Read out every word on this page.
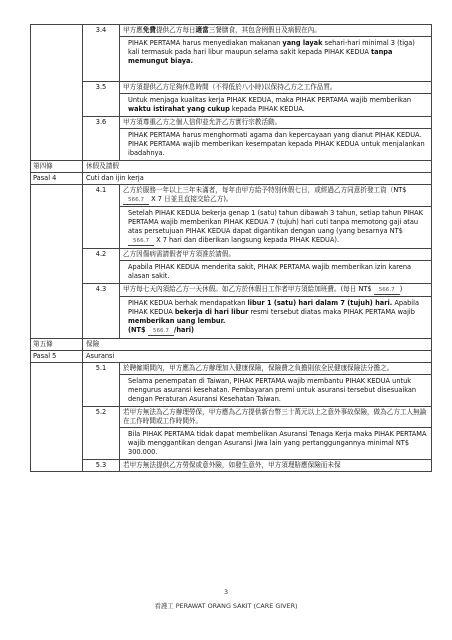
3.4	甲方應免費提供乙方每日適當三餐膳食，其包含例假日及病假在內。
PIHAK PERTAMA harus menyediakan makanan yang layak sehari-hari minimal 3 (tiga) kali termasuk pada hari libur maupun selama sakit kepada PIHAK KEDUA tanpa memungut biaya.
3.5	甲方須提供乙方足夠休息時間（不得低於八小時)以保持乙方之工作品質。
Untuk menjaga kualitas kerja PIHAK KEDUA, maka PIHAK PERTAMA wajib memberikan waktu istirahat yang cukup kepada PIHAK KEDUA.
3.6	甲方須尊重乙方之個人信仰並允許乙方實行宗教活動。
PIHAK PERTAMA harus menghormati agama dan kepercayaan yang dianut PIHAK KEDUA. PIHAK PERTAMA wajib memberikan kesempatan kepada PIHAK KEDUA untuk menjalankan ibadahnya.
第四條	休假及請假
Pasal 4	Cuti dan ijin kerja
4.1	乙方於服務一年以上三年未滿者，每年由甲方給予特別休假七日，或經過乙方同意折發工資（NT$566.7 X 7 日並且直接交給乙方)。
Setelah PIHAK KEDUA bekerja genap 1 (satu) tahun dibawah 3 tahun, setiap tahun PIHAK PERTAMA wajib memberikan PIHAK KEDUA 7 (tujuh) hari cuti tanpa memotong gaji atau atas persetujuan PIHAK KEDUA dapat digantikan dengan uang (yang besarnya NT$ 566.7 X 7 hari dan diberikan langsung kepada PIHAK KEDUA).
4.2	乙方因傷病需請假者甲方須准於請假。
Apabila PIHAK KEDUA menderita sakit, PIHAK PERTAMA wajib memberikan izin karena alasan sakit.
4.3	甲方每七天內須給乙方一天休假。如乙方於休假日工作者甲方須給加班費。(每日 NT$ 566.7 )
PIHAK KEDUA berhak mendapatkan libur 1 (satu) hari dalam 7 (tujuh) hari. Apabila PIHAK KEDUA bekerja di hari libur resmi tersebut diatas maka PIHAK PERTAMA wajib memberikan uang lembur.
(NT$ 566.7 /hari)
第五條	保險
Pasal 5	Asuransi
5.1	於聘僱期間內，甲方應為乙方辦理加入健康保險，保險費之負擔則依全民健康保險法分擔之。
Selama penempatan di Taiwan, PIHAK PERTAMA wajib membantu PIHAK KEDUA untuk mengurus asuransi kesehatan. Pembayaran premi untuk asuransi tersebut disesuaikan dengan Peraturan Asuransi Kesehatan Taiwan.
5.2	若甲方無法為乙方辦理勞保，甲方應為乙方提供新台幣三十萬元以上之意外事故保險，做為乙方工人無論在工作時間或工作時間外。
Bila PIHAK PERTAMA tidak dapat membelikan Asuransi Tenaga Kerja maka PIHAK PERTAMA wajib menggantikan dengan Asuransi Jiwa lain yang pertanggungannya minimal NT$ 300.000.
5.3	若甲方無法提供乙方勞保或意外險，如發生意外，甲方須理賠應保險而未保
3
看護工 PERAWAT ORANG SAKIT (CARE GIVER)
